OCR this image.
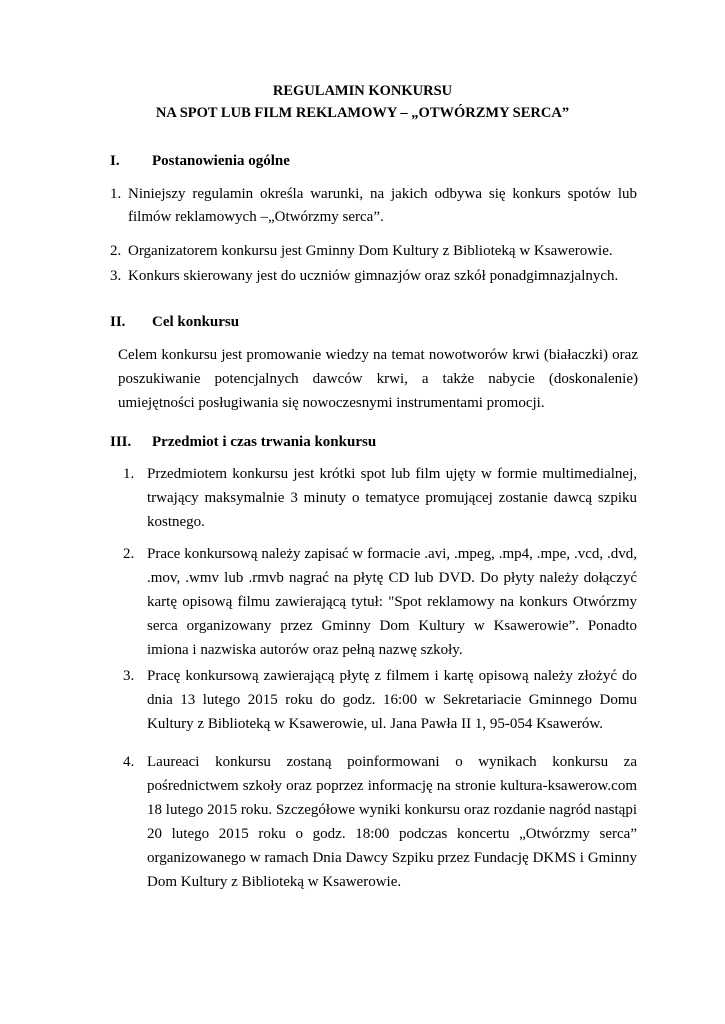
REGULAMIN KONKURSU
NA SPOT LUB FILM REKLAMOWY – „OTWÓRZMY SERCA”
I. Postanowienia ogólne
1. Niniejszy regulamin określa warunki, na jakich odbywa się konkurs spotów lub filmów reklamowych –„Otwórzmy serca”.
2. Organizatorem konkursu jest Gminny Dom Kultury z Biblioteką w Ksawerowie.
3. Konkurs skierowany jest do uczniów gimnazjów oraz szkół ponadgimnazjalnych.
II. Cel konkursu

Celem konkursu jest promowanie wiedzy na temat nowotworów krwi (białaczki) oraz poszukiwanie potencjalnych dawców krwi, a także nabycie (doskonalenie) umiejętności posługiwania się nowoczesnymi instrumentami promocji.

III. Przedmiot i czas trwania konkursu
1. Przedmiotem konkursu jest krótki spot lub film ujęty w formie multimedialnej, trwający maksymalnie 3 minuty o tematyce promującej zostanie dawcą szpiku kostnego.
2. Prace konkursową należy zapisać w formacie .avi, .mpeg, .mp4, .mpe, .vcd, .dvd, .mov, .wmv lub .rmvb nagrać na płytę CD lub DVD. Do płyty należy dołączyć kartę opisową filmu zawierającą tytuł: "Spot reklamowy na konkurs Otwórzmy serca organizowany przez Gminny Dom Kultury w Ksawerowie”. Ponadto imiona i nazwiska autorów oraz pełną nazwę szkoły.
3. Pracę konkursową zawierającą płytę z filmem i kartę opisową należy złożyć do dnia 13 lutego 2015 roku do godz. 16:00 w Sekretariacie Gminnego Domu Kultury z Biblioteką w Ksawerowie, ul. Jana Pawła II 1, 95-054 Ksawerów.
4. Laureaci konkursu zostaną poinformowani o wynikach konkursu za pośrednictwem szkoły oraz poprzez informację na stronie kultura-ksawerow.com 18 lutego 2015 roku. Szczegółowe wyniki konkursu oraz rozdanie nagród nastąpi 20 lutego 2015 roku o godz. 18:00 podczas koncertu „Otwórzmy serca” organizowanego w ramach Dnia Dawcy Szpiku przez Fundację DKMS i Gminny Dom Kultury z Biblioteką w Ksawerowie.
